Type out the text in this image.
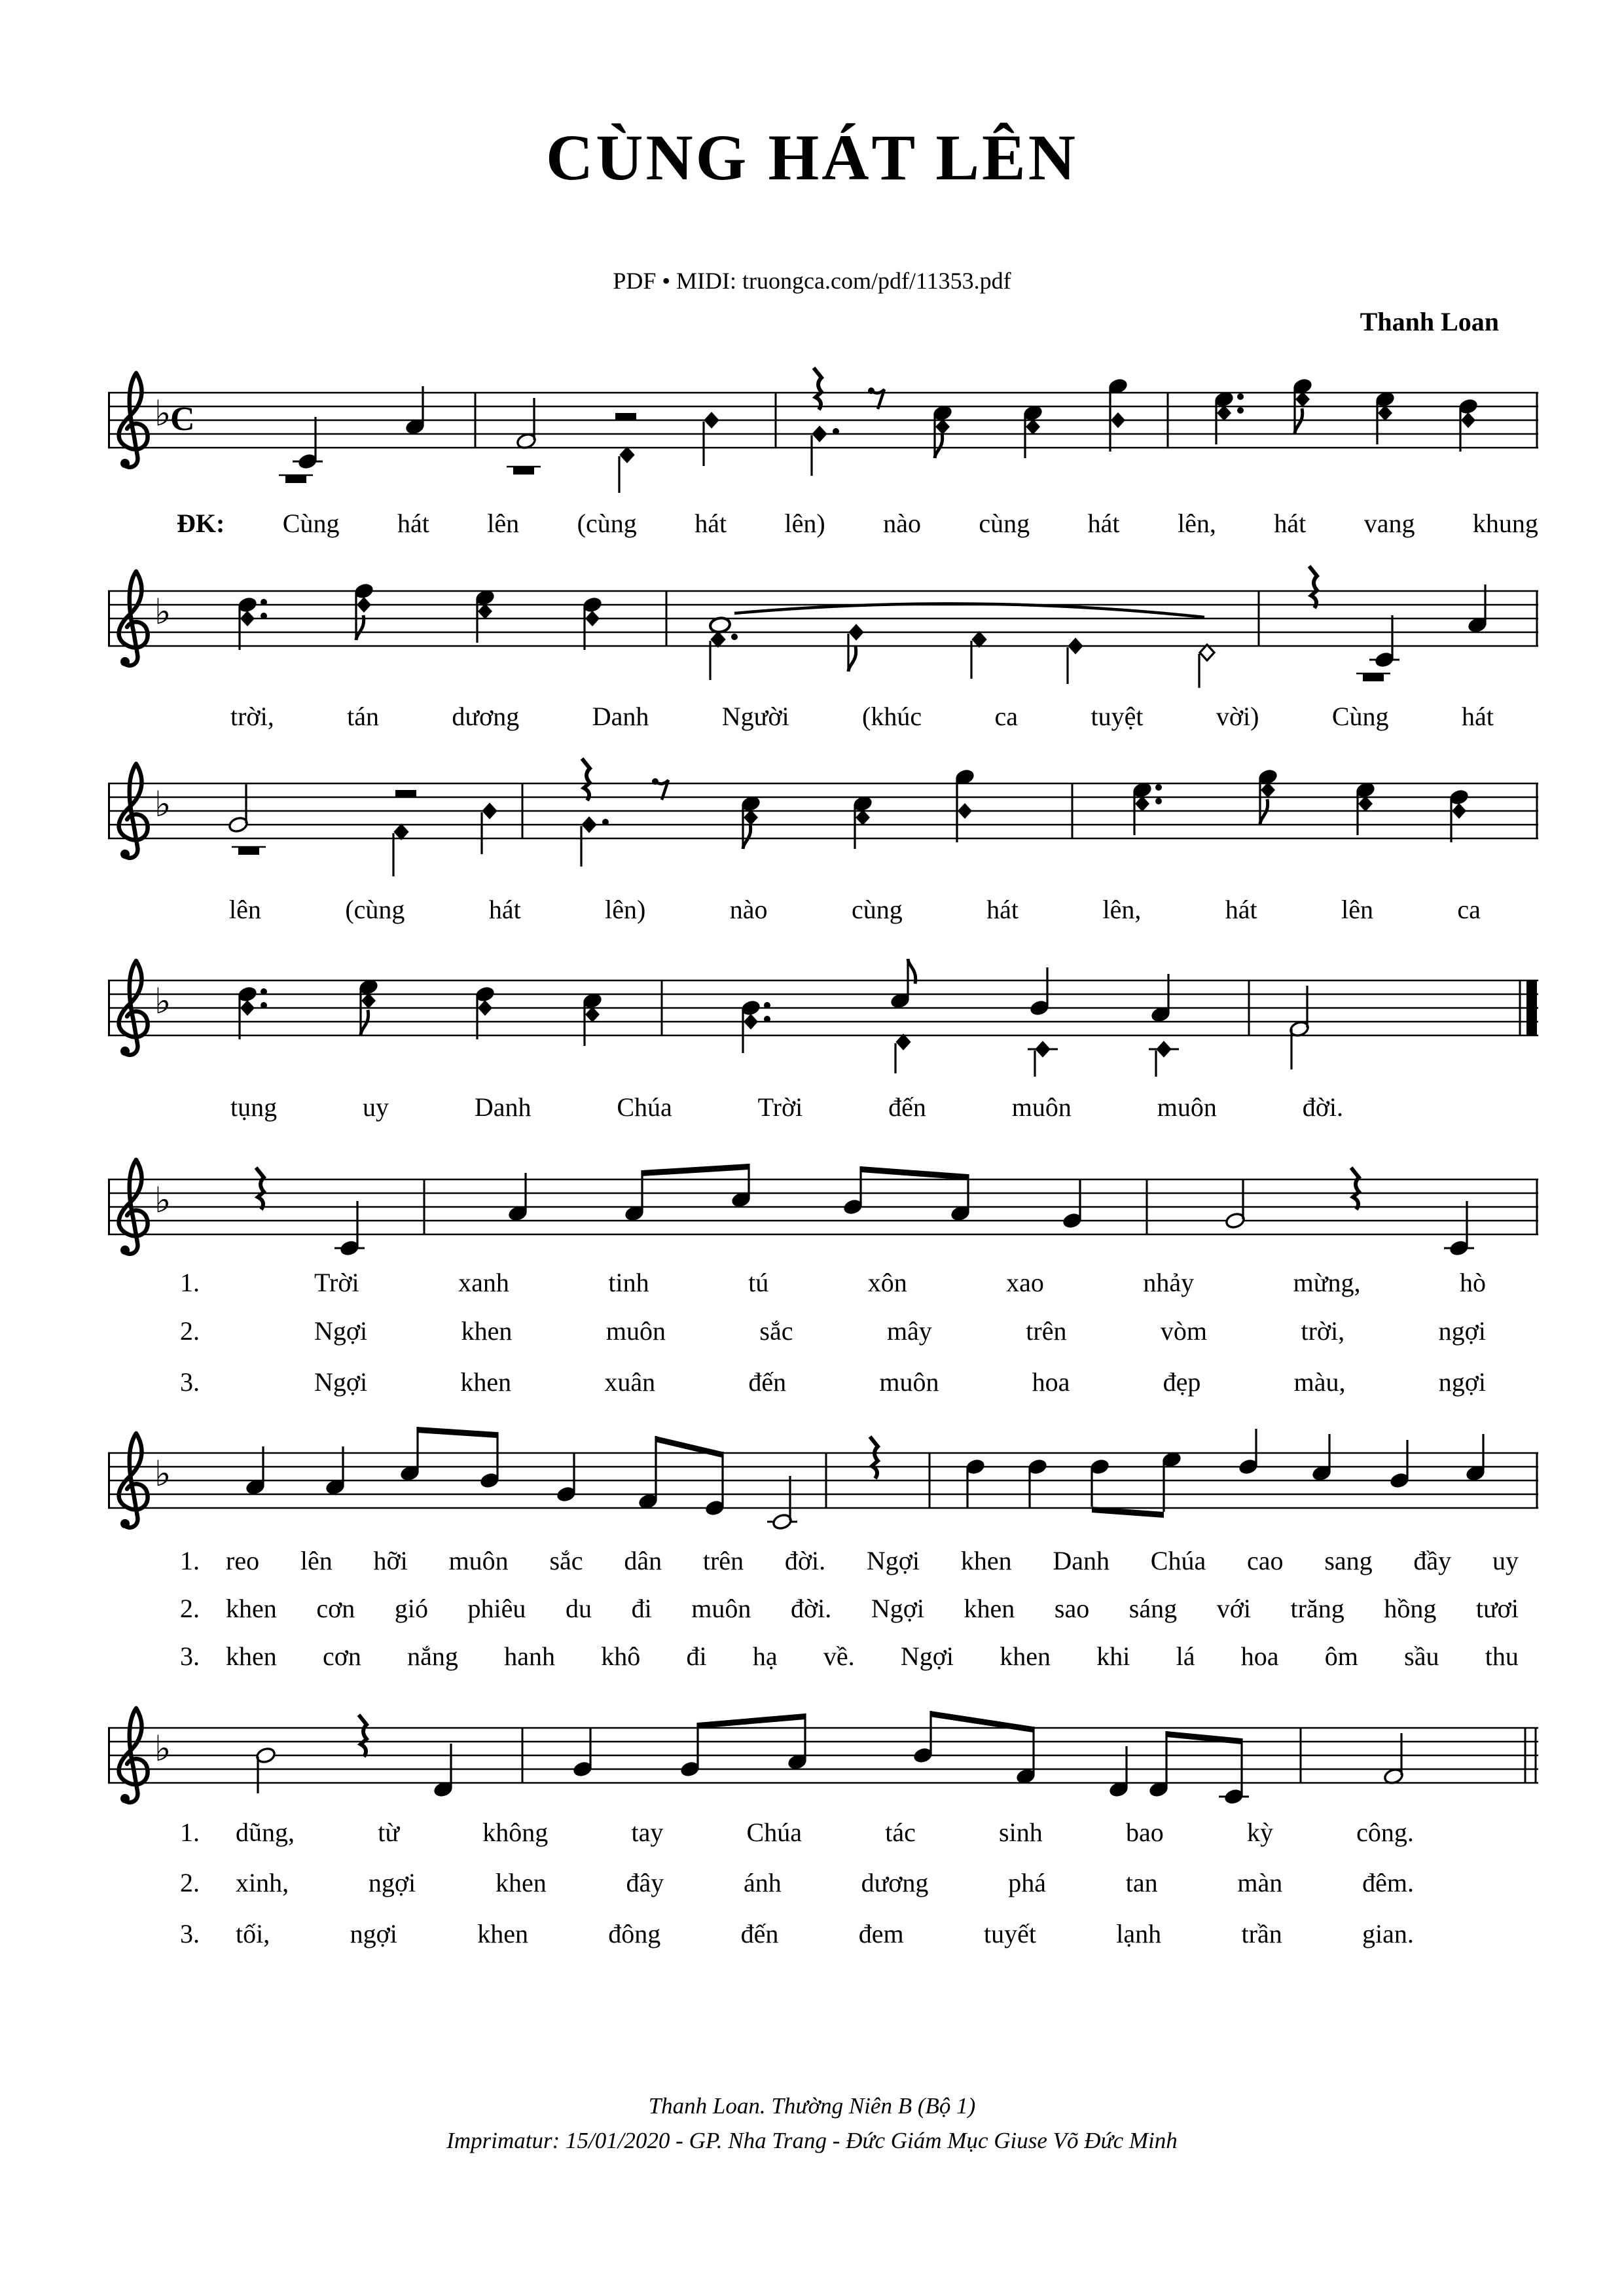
CÙNG HÁT LÊN
PDF • MIDI: truongca.com/pdf/11353.pdf
Thanh Loan
♭
C
♭
♭
♭
♭
♭
♭
ĐK: Cùng hát lên (cùng hát lên) nào cùng hát lên, hát vang khung
trời,	tán	dương	Danh	Người	(khúc	ca	tuyệt	vời)	Cùng	hát
lên	(cùng	hát	lên)	nào	cùng	hát	lên,	hát	lên	ca
tụng	uy	Danh	Chúa	Trời	đến	muôn	muôn	đời.
1.	Trời	xanh	tinh	tú	xôn	xao	nhảy	mừng,	hò
2.	Ngợi	khen	muôn	sắc	mây	trên	vòm	trời,	ngợi
3.	Ngợi	khen	xuân	đến	muôn	hoa	đẹp	màu,	ngợi
1. reo lên hỡi muôn sắc dân trên đời. Ngợi khen Danh Chúa cao sang đầy uy
2. khen cơn gió phiêu du đi muôn đời. Ngợi khen sao sáng với trăng hồng tươi
3. khen cơn nắng hanh khô đi hạ về. Ngợi khen khi lá hoa ôm sầu thu
1. dũng,	từ	không	tay	Chúa	tác	sinh	bao	kỳ	công.
2. xinh,	ngợi	khen	đây	ánh	dương	phá	tan	màn	đêm.
3. tối,	ngợi	khen	đông	đến	đem	tuyết	lạnh	trần	gian.
Thanh Loan. Thường Niên B (Bộ 1)
Imprimatur: 15/01/2020 - GP. Nha Trang - Đức Giám Mục Giuse Võ Đức Minh
